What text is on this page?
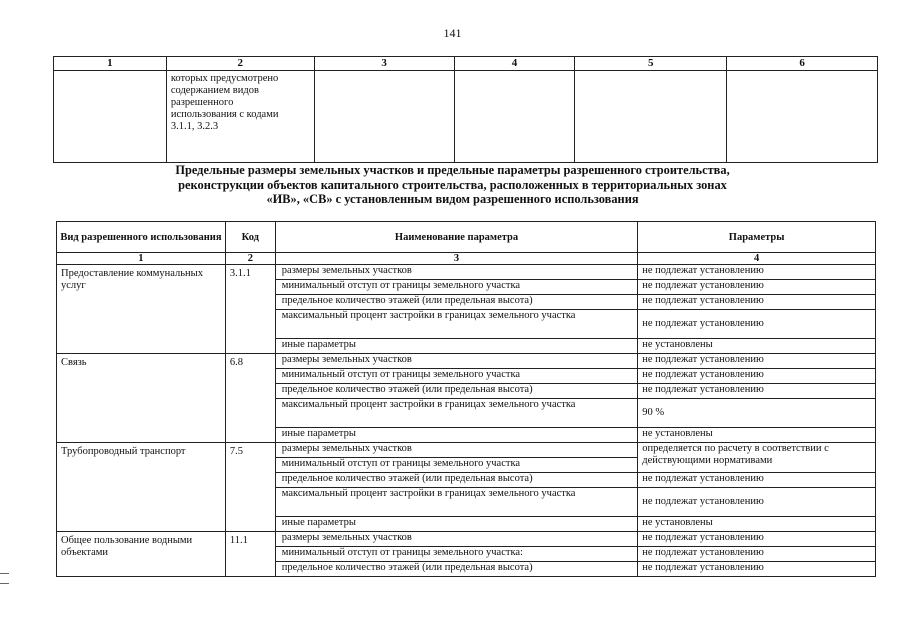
141
1	2	3	4	5	6

	которых предусмотрено
содержанием видов
разрешенного
использования с кодами
3.1.1, 3.2.3				

Предельные размеры земельных участков и предельные параметры разрешенного строительства,
реконструкции объектов капитального строительства, расположенных в территориальных зонах
«ИВ», «СВ» с установленным видом разрешенного использования
Вид разрешенного использования	Код	Наименование параметра	Параметры
1	2	3	4

Предоставление коммунальных услуг	3.1.1	размеры земельных участков	не подлежат установлению

		минимальный отступ от границы земельного участка	не подлежат установлению

		предельное количество этажей (или предельная высота)	не подлежат установлению

		максимальный процент застройки в границах земельного участка	не подлежат установлению

		иные параметры	не установлены

Связь	6.8	размеры земельных участков	не подлежат установлению

		минимальный отступ от границы земельного участка	не подлежат установлению

		предельное количество этажей (или предельная высота)	не подлежат установлению

		максимальный процент застройки в границах земельного участка	90 %

		иные параметры	не установлены

Трубопроводный транспорт	7.5	размеры земельных участков	определяется по расчету в соответствии с действующими нормативами

		минимальный отступ от границы земельного участка	

		предельное количество этажей (или предельная высота)	не подлежат установлению

		максимальный процент застройки в границах земельного участка	не подлежат установлению

		иные параметры	не установлены

Общее пользование водными объектами	11.1	размеры земельных участков	не подлежат установлению

		минимальный отступ от границы земельного участка:	не подлежат установлению

		предельное количество этажей (или предельная высота)	не подлежат установлению
